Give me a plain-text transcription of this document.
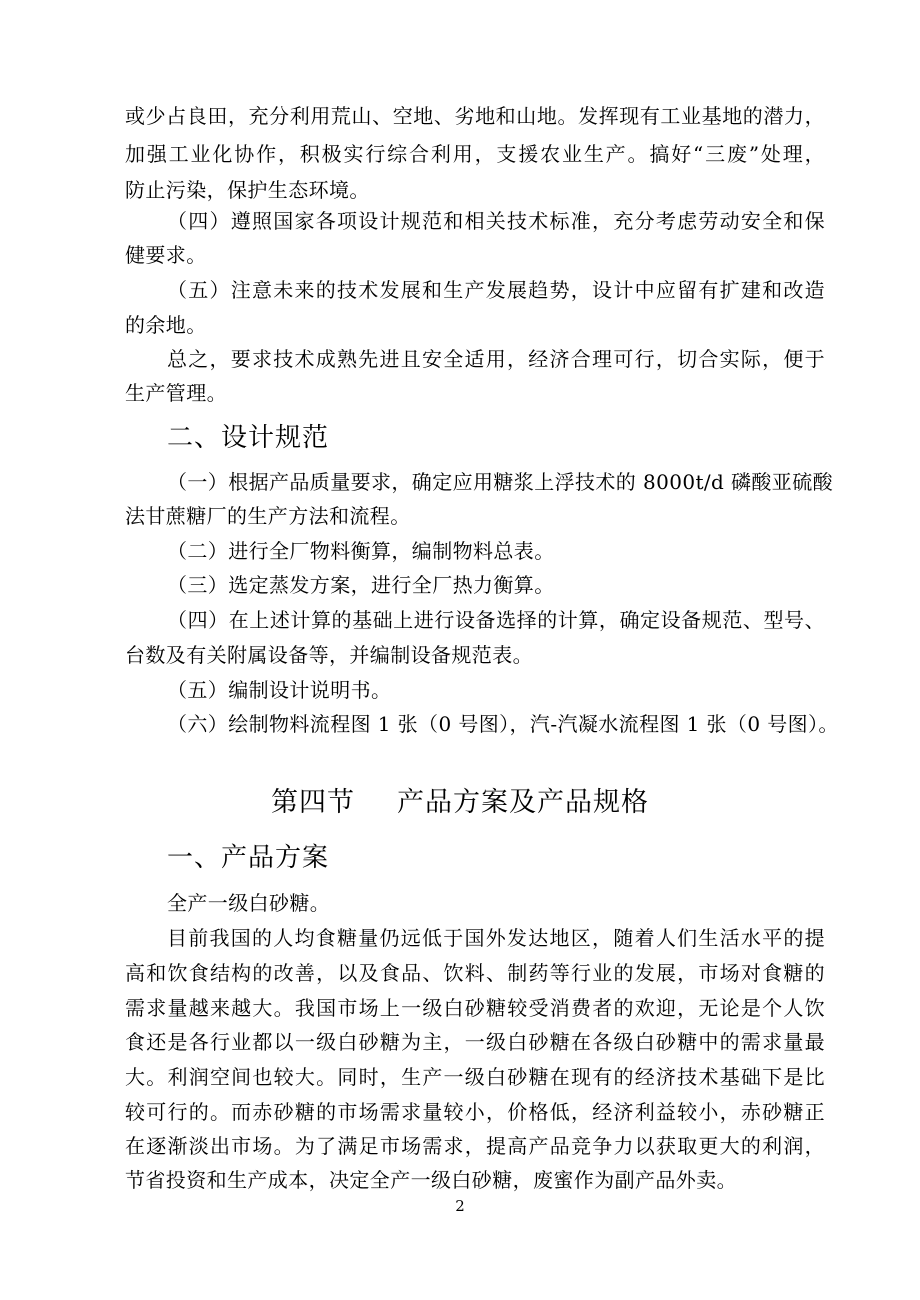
或少占良田，充分利用荒山、空地、劣地和山地。发挥现有工业基地的潜力，
加强工业化协作，积极实行综合利用，支援农业生产。搞好“三废”处理，
防止污染，保护生态环境。
（四）遵照国家各项设计规范和相关技术标准，充分考虑劳动安全和保
健要求。
（五）注意未来的技术发展和生产发展趋势，设计中应留有扩建和改造
的余地。
总之，要求技术成熟先进且安全适用，经济合理可行，切合实际，便于
生产管理。
二、设计规范
（一）根据产品质量要求，确定应用糖浆上浮技术的 8000t/d 磷酸亚硫酸
法甘蔗糖厂的生产方法和流程。
（二）进行全厂物料衡算，编制物料总表。
（三）选定蒸发方案，进行全厂热力衡算。
（四）在上述计算的基础上进行设备选择的计算，确定设备规范、型号、
台数及有关附属设备等，并编制设备规范表。
（五）编制设计说明书。
（六）绘制物料流程图 1 张（0 号图），汽-汽凝水流程图 1 张（0 号图）。
第四节 产品方案及产品规格
一、产品方案
全产一级白砂糖。
目前我国的人均食糖量仍远低于国外发达地区，随着人们生活水平的提
高和饮食结构的改善，以及食品、饮料、制药等行业的发展，市场对食糖的
需求量越来越大。我国市场上一级白砂糖较受消费者的欢迎，无论是个人饮
食还是各行业都以一级白砂糖为主，一级白砂糖在各级白砂糖中的需求量最
大。利润空间也较大。同时，生产一级白砂糖在现有的经济技术基础下是比
较可行的。而赤砂糖的市场需求量较小，价格低，经济利益较小，赤砂糖正
在逐渐淡出市场。为了满足市场需求，提高产品竞争力以获取更大的利润，
节省投资和生产成本，决定全产一级白砂糖，废蜜作为副产品外卖。
2
